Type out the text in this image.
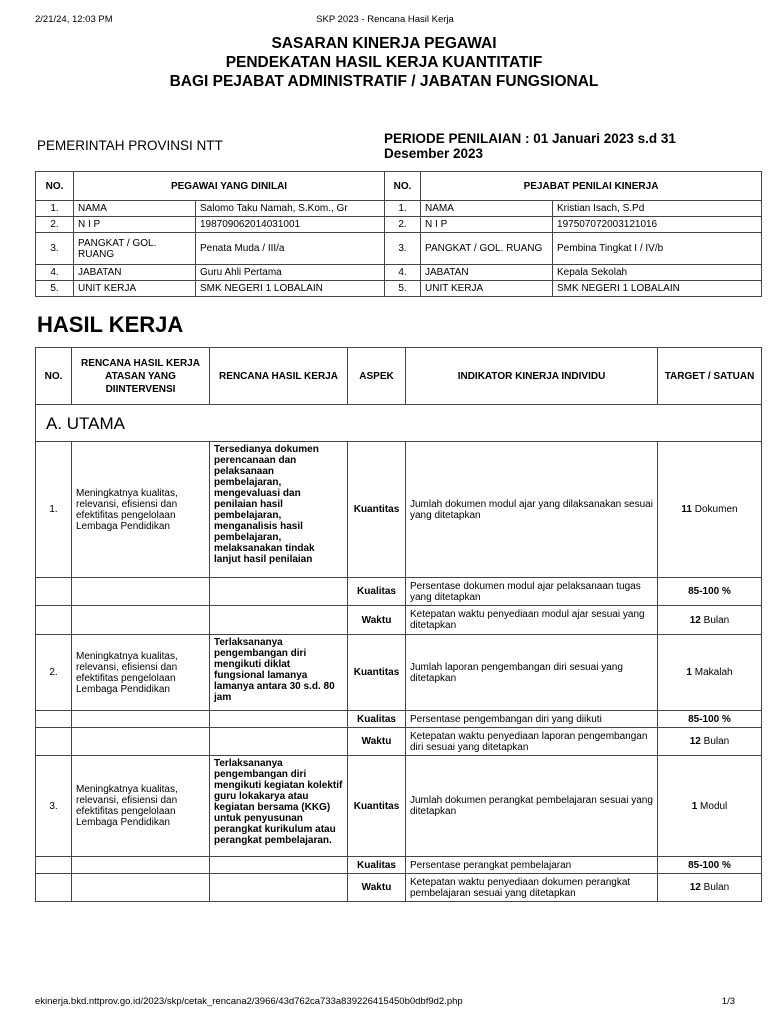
2/21/24, 12:03 PM	SKP 2023 - Rencana Hasil Kerja
SASARAN KINERJA PEGAWAI
PENDEKATAN HASIL KERJA KUANTITATIF
BAGI PEJABAT ADMINISTRATIF / JABATAN FUNGSIONAL
PEMERINTAH PROVINSI NTT	PERIODE PENILAIAN : 01 Januari 2023 s.d 31 Desember 2023
NO.	PEGAWAI YANG DINILAI		NO.	PEJABAT PENILAI KINERJA	
1.	NAMA	Salomo Taku Namah, S.Kom., Gr	1.	NAMA	Kristian Isach, S.Pd
2.	N I P	198709062014031001	2.	N I P	197507072003121016
3.	PANGKAT / GOL. RUANG	Penata Muda / III/a	3.	PANGKAT / GOL. RUANG	Pembina Tingkat I / IV/b
4.	JABATAN	Guru Ahli Pertama	4.	JABATAN	Kepala Sekolah
5.	UNIT KERJA	SMK NEGERI 1 LOBALAIN	5.	UNIT KERJA	SMK NEGERI 1 LOBALAIN
HASIL KERJA
NO.	RENCANA HASIL KERJA ATASAN YANG DIINTERVENSI	RENCANA HASIL KERJA	ASPEK	INDIKATOR KINERJA INDIVIDU	TARGET / SATUAN
A. UTAMA					
1.	Meningkatnya kualitas, relevansi, efisiensi dan efektifitas pengelolaan Lembaga Pendidikan	Tersedianya dokumen perencanaan dan pelaksanaan pembelajaran, mengevaluasi dan penilaian hasil pembelajaran, menganalisis hasil pembelajaran, melaksanakan tindak lanjut hasil penilaian	Kuantitas	Jumlah dokumen modul ajar yang dilaksanakan sesuai yang ditetapkan	11 Dokumen
			Kualitas	Persentase dokumen modul ajar pelaksanaan tugas yang ditetapkan	85-100 %
			Waktu	Ketepatan waktu penyediaan modul ajar sesuai yang ditetapkan	12 Bulan
2.	Meningkatnya kualitas, relevansi, efisiensi dan efektifitas pengelolaan Lembaga Pendidikan	Terlaksananya pengembangan diri mengikuti diklat fungsional lamanya lamanya antara 30 s.d. 80 jam	Kuantitas	Jumlah laporan pengembangan diri sesuai yang ditetapkan	1 Makalah
			Kualitas	Persentase pengembangan diri yang diikuti	85-100 %
			Waktu	Ketepatan waktu penyediaan laporan pengembangan diri sesuai yang ditetapkan	12 Bulan
3.	Meningkatnya kualitas, relevansi, efisiensi dan efektifitas pengelolaan Lembaga Pendidikan	Terlaksananya pengembangan diri mengikuti kegiatan kolektif guru lokakarya atau kegiatan bersama (KKG) untuk penyusunan perangkat kurikulum atau perangkat pembelajaran.	Kuantitas	Jumlah dokumen perangkat pembelajaran sesuai yang ditetapkan	1 Modul
			Kualitas	Persentase perangkat pembelajaran	85-100 %
			Waktu	Ketepatan waktu penyediaan dokumen perangkat pembelajaran sesuai yang ditetapkan	12 Bulan
ekinerja.bkd.nttprov.go.id/2023/skp/cetak_rencana2/3966/43d762ca733a839226415450b0dbf9d2.php	1/3
